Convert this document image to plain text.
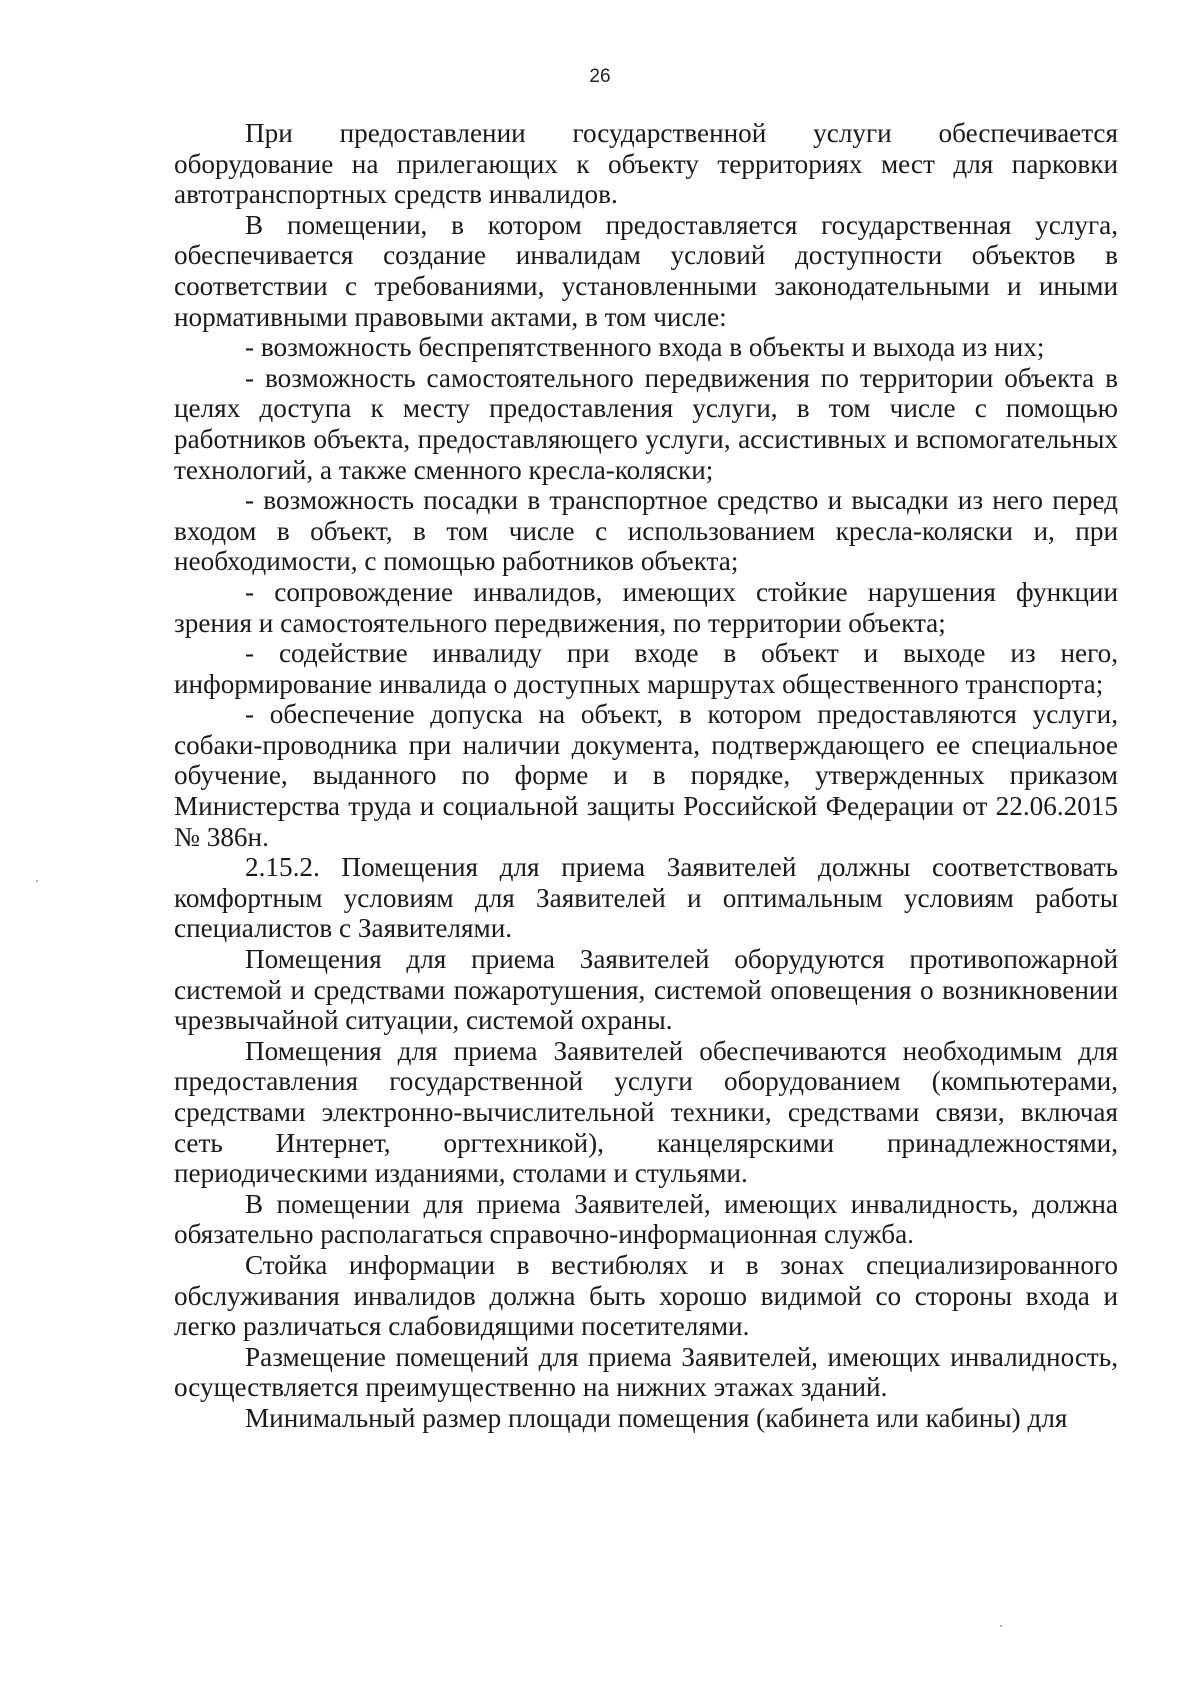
26

При предоставлении государственной услуги обеспечивается оборудование на прилегающих к объекту территориях мест для парковки автотранспортных средств инвалидов.

В помещении, в котором предоставляется государственная услуга, обеспечивается создание инвалидам условий доступности объектов в соответствии с требованиями, установленными законодательными и иными нормативными правовыми актами, в том числе:

- возможность беспрепятственного входа в объекты и выхода из них;

- возможность самостоятельного передвижения по территории объекта в целях доступа к месту предоставления услуги, в том числе с помощью работников объекта, предоставляющего услуги, ассистивных и вспомогательных технологий, а также сменного кресла-коляски;

- возможность посадки в транспортное средство и высадки из него перед входом в объект, в том числе с использованием кресла-коляски и, при необходимости, с помощью работников объекта;

- сопровождение инвалидов, имеющих стойкие нарушения функции зрения и самостоятельного передвижения, по территории объекта;

- содействие инвалиду при входе в объект и выходе из него, информирование инвалида о доступных маршрутах общественного транспорта;

- обеспечение допуска на объект, в котором предоставляются услуги, собаки-проводника при наличии документа, подтверждающего ее специальное обучение, выданного по форме и в порядке, утвержденных приказом Министерства труда и социальной защиты Российской Федерации от 22.06.2015 № 386н.

2.15.2. Помещения для приема Заявителей должны соответствовать комфортным условиям для Заявителей и оптимальным условиям работы специалистов с Заявителями.

Помещения для приема Заявителей оборудуются противопожарной системой и средствами пожаротушения, системой оповещения о возникновении чрезвычайной ситуации, системой охраны.

Помещения для приема Заявителей обеспечиваются необходимым для предоставления государственной услуги оборудованием (компьютерами, средствами электронно-вычислительной техники, средствами связи, включая сеть Интернет, оргтехникой), канцелярскими принадлежностями, периодическими изданиями, столами и стульями.

В помещении для приема Заявителей, имеющих инвалидность, должна обязательно располагаться справочно-информационная служба.

Стойка информации в вестибюлях и в зонах специализированного обслуживания инвалидов должна быть хорошо видимой со стороны входа и легко различаться слабовидящими посетителями.

Размещение помещений для приема Заявителей, имеющих инвалидность, осуществляется преимущественно на нижних этажах зданий.

Минимальный размер площади помещения (кабинета или кабины) для
